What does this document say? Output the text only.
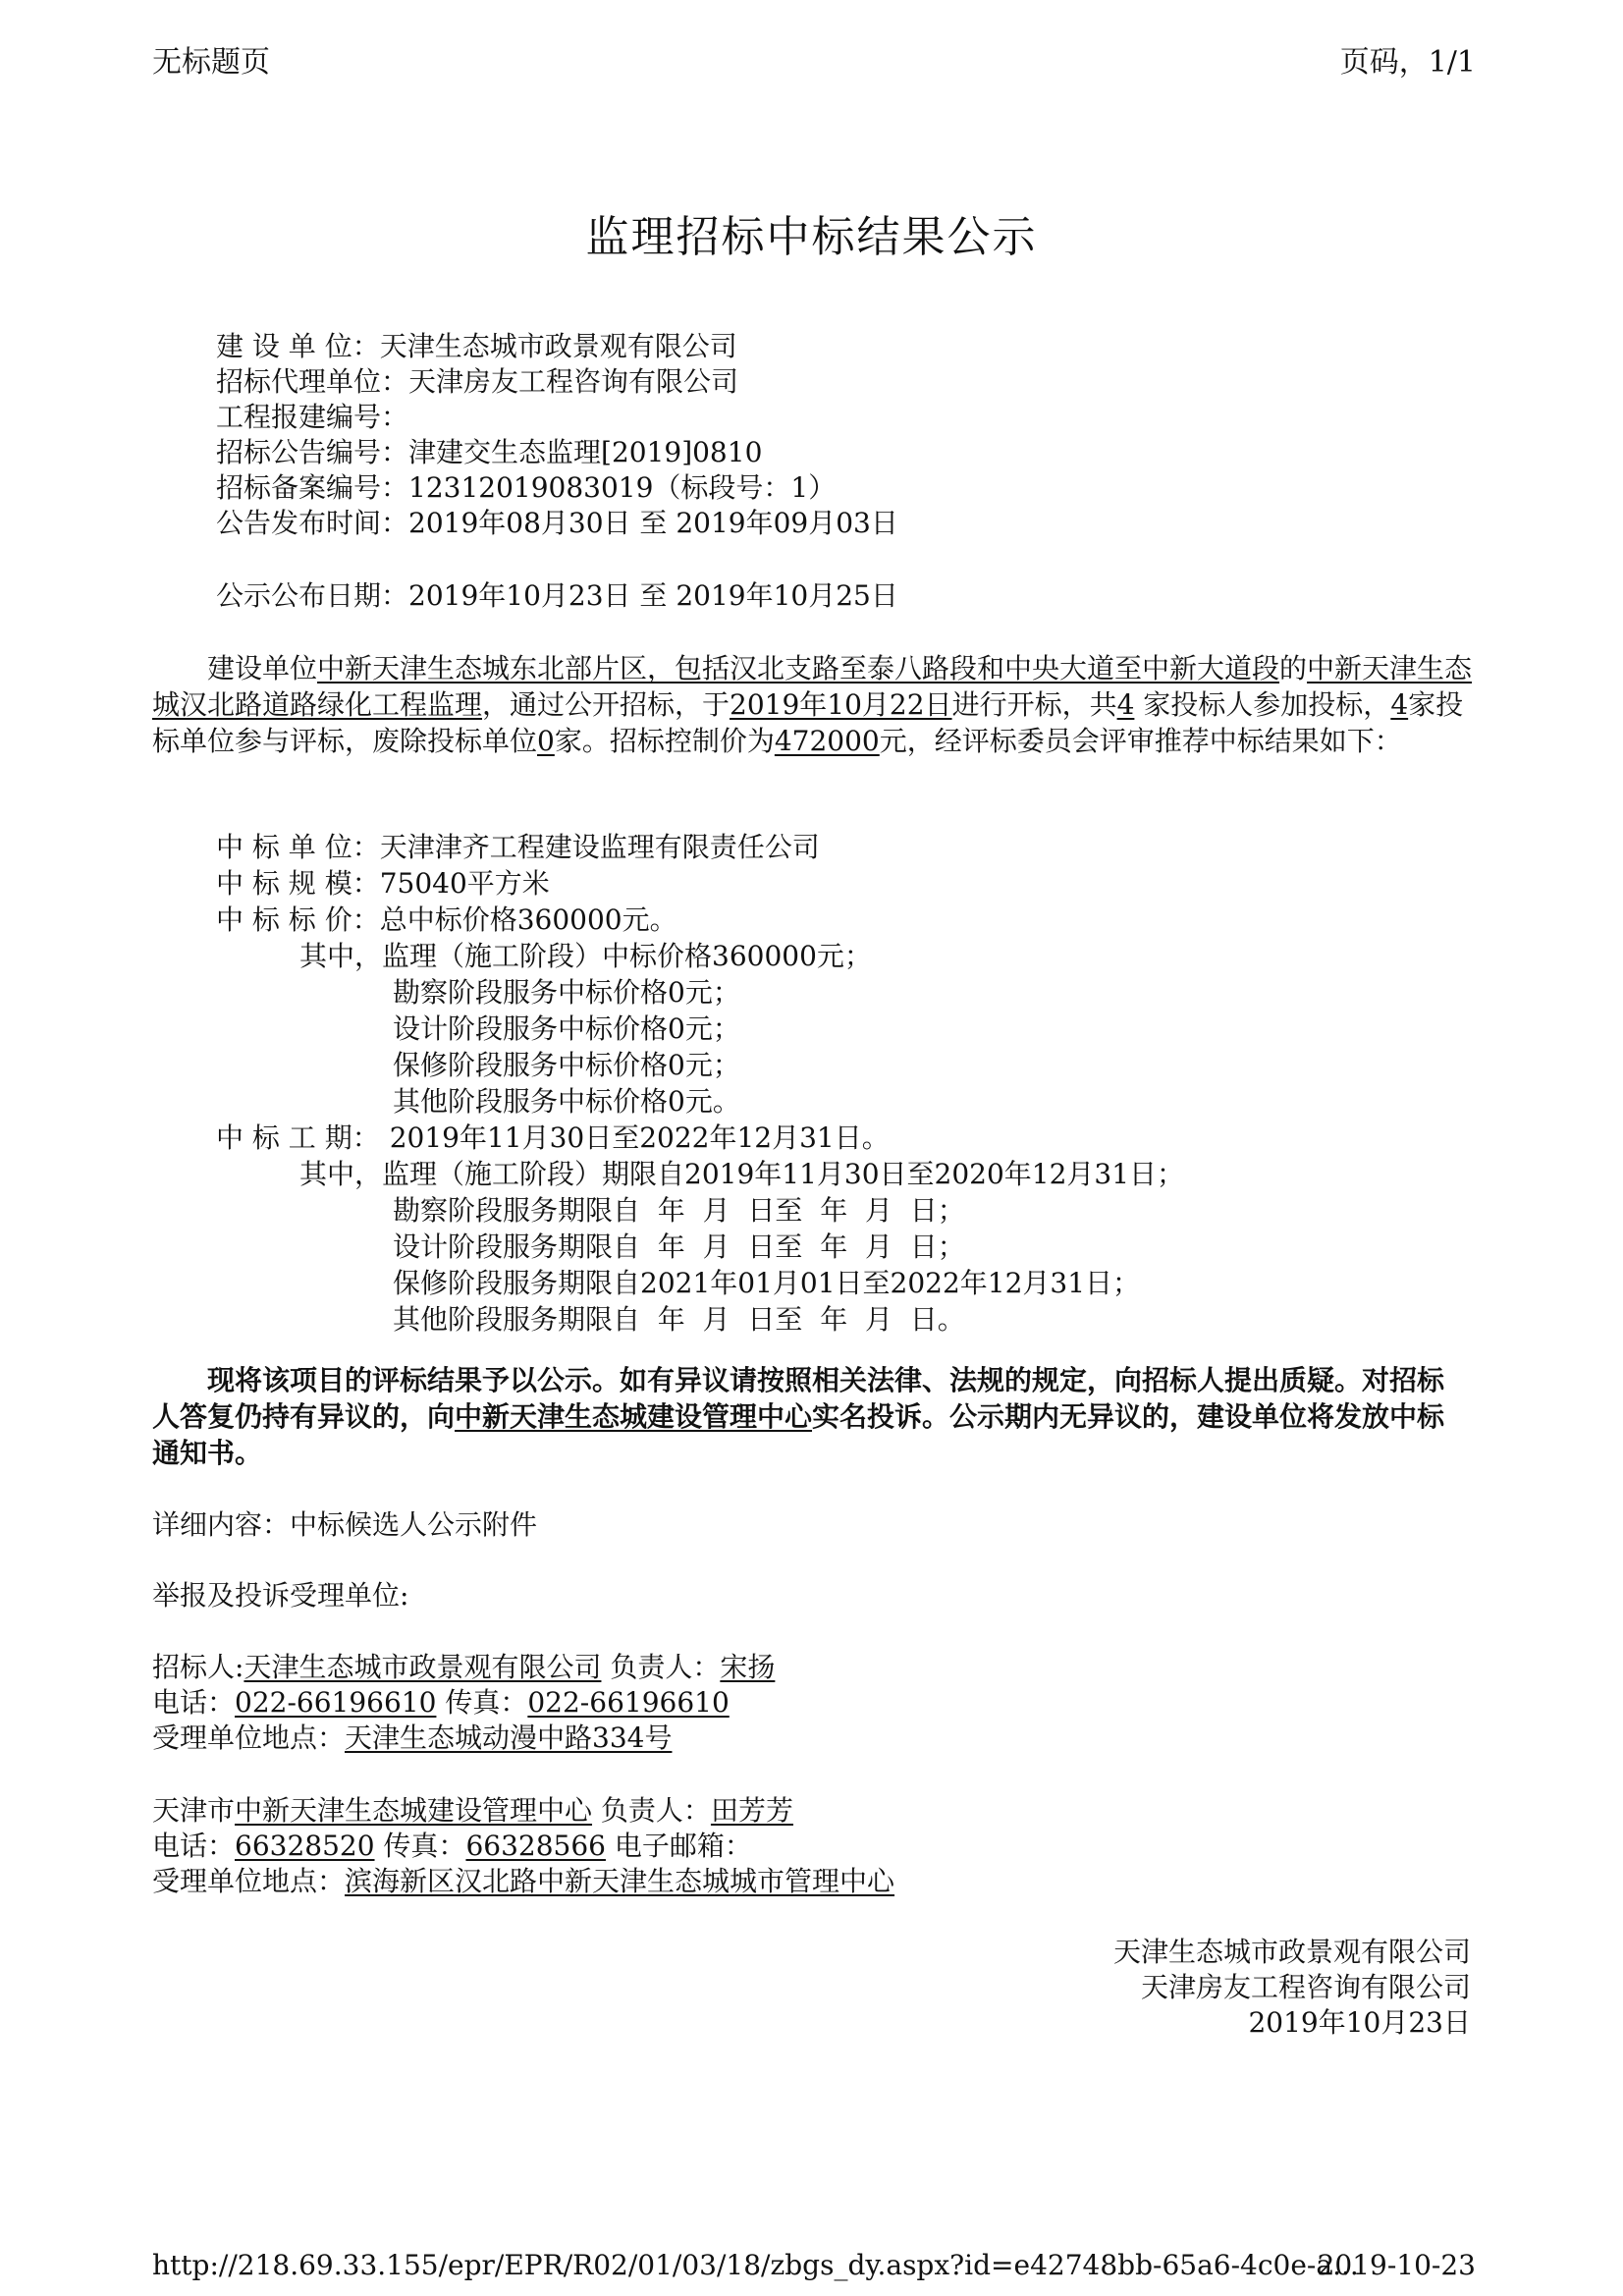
无标题页	页码，1/1
监理招标中标结果公示
建 设 单 位：天津生态城市政景观有限公司
招标代理单位：天津房友工程咨询有限公司
工程报建编号：
招标公告编号：津建交生态监理[2019]0810
招标备案编号：12312019083019（标段号：1）
公告发布时间：2019年08月30日 至 2019年09月03日
公示公布日期：2019年10月23日 至 2019年10月25日
建设单位中新天津生态城东北部片区，包括汉北支路至泰八路段和中央大道至中新大道段的中新天津生态城汉北路道路绿化工程监理，通过公开招标，于2019年10月22日进行开标，共4 家投标人参加投标，4家投标单位参与评标，废除投标单位0家。招标控制价为472000元，经评标委员会评审推荐中标结果如下：
中 标 单 位：天津津齐工程建设监理有限责任公司
中 标 规 模：75040平方米
中 标 标 价：总中标价格360000元。
其中，监理（施工阶段）中标价格360000元；
勘察阶段服务中标价格0元；
设计阶段服务中标价格0元；
保修阶段服务中标价格0元；
其他阶段服务中标价格0元。
中 标 工 期： 2019年11月30日至2022年12月31日。
其中，监理（施工阶段）期限自2019年11月30日至2020年12月31日；
勘察阶段服务期限自  年  月  日至  年  月  日；
设计阶段服务期限自  年  月  日至  年  月  日；
保修阶段服务期限自2021年01月01日至2022年12月31日；
其他阶段服务期限自  年  月  日至  年  月  日。
现将该项目的评标结果予以公示。如有异议请按照相关法律、法规的规定，向招标人提出质疑。对招标人答复仍持有异议的，向中新天津生态城建设管理中心实名投诉。公示期内无异议的，建设单位将发放中标通知书。
详细内容：中标候选人公示附件
举报及投诉受理单位:
招标人:天津生态城市政景观有限公司 负责人：宋扬
电话：022-66196610 传真：022-66196610
受理单位地点：天津生态城动漫中路334号
天津市中新天津生态城建设管理中心 负责人：田芳芳
电话：66328520 传真：66328566 电子邮箱：
受理单位地点：滨海新区汉北路中新天津生态城城市管理中心
天津生态城市政景观有限公司
天津房友工程咨询有限公司
2019年10月23日
http://218.69.33.155/epr/EPR/R02/01/03/18/zbgs_dy.aspx?id=e42748bb-65a6-4c0e-a...
2019-10-23
